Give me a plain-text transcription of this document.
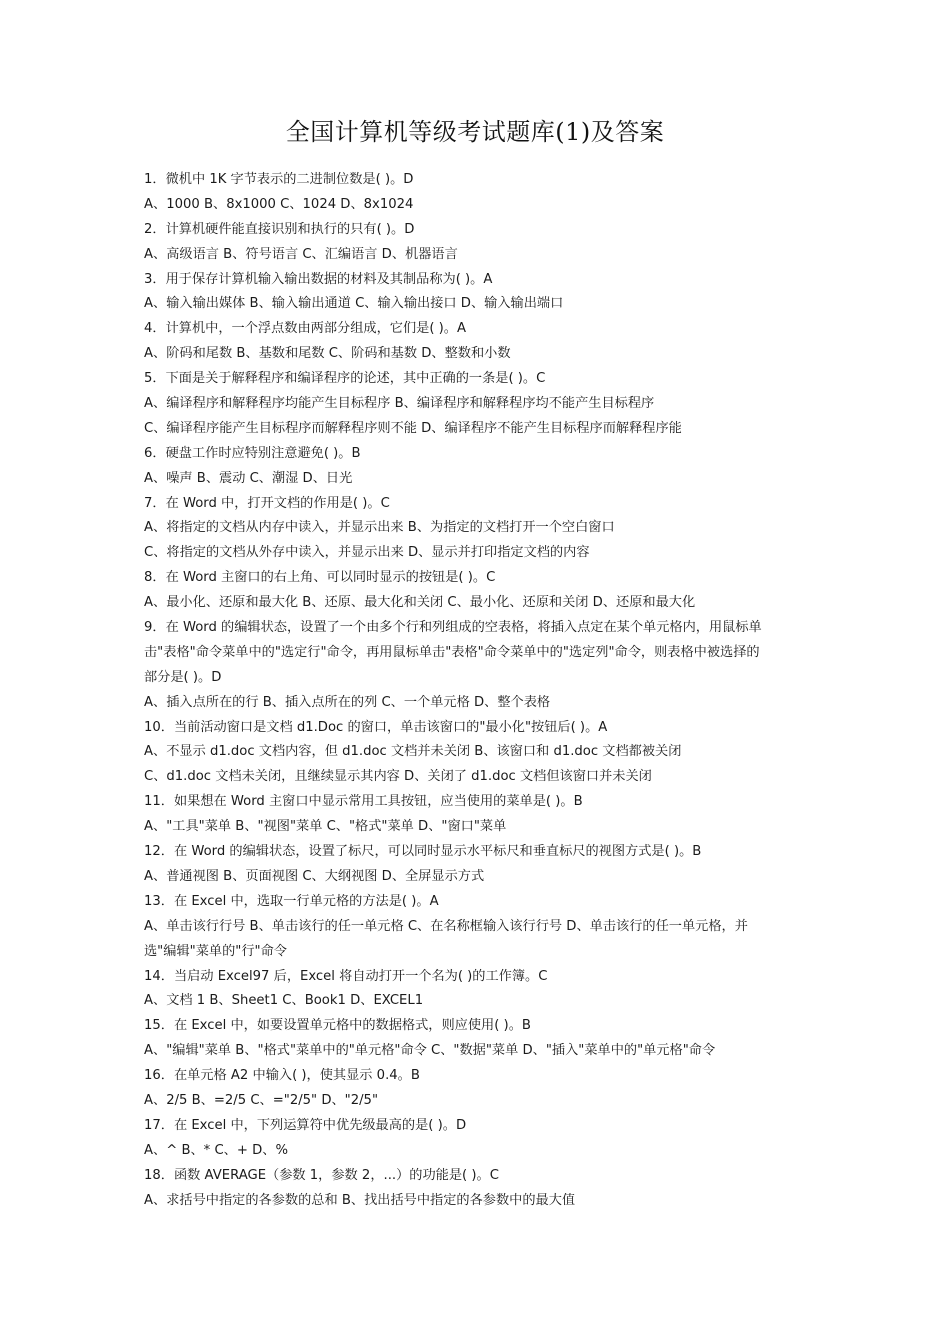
全国计算机等级考试题库(1)及答案
1．微机中 1K 字节表示的二进制位数是( )。D
A、1000 B、8x1000 C、1024 D、8x1024
2．计算机硬件能直接识别和执行的只有( )。D
A、高级语言 B、符号语言 C、汇编语言 D、机器语言
3．用于保存计算机输入输出数据的材料及其制品称为( )。A
A、输入输出媒体 B、输入输出通道 C、输入输出接口 D、输入输出端口
4．计算机中，一个浮点数由两部分组成，它们是( )。A
A、阶码和尾数 B、基数和尾数 C、阶码和基数 D、整数和小数
5．下面是关于解释程序和编译程序的论述，其中正确的一条是( )。C
A、编译程序和解释程序均能产生目标程序 B、编译程序和解释程序均不能产生目标程序
C、编译程序能产生目标程序而解释程序则不能 D、编译程序不能产生目标程序而解释程序能
6．硬盘工作时应特别注意避免( )。B
A、噪声 B、震动 C、潮湿 D、日光
7．在 Word 中，打开文档的作用是( )。C
A、将指定的文档从内存中读入，并显示出来 B、为指定的文档打开一个空白窗口
C、将指定的文档从外存中读入，并显示出来 D、显示并打印指定文档的内容
8．在 Word 主窗口的右上角、可以同时显示的按钮是( )。C
A、最小化、还原和最大化 B、还原、最大化和关闭 C、最小化、还原和关闭 D、还原和最大化
9．在 Word 的编辑状态，设置了一个由多个行和列组成的空表格，将插入点定在某个单元格内，用鼠标单
击"表格"命令菜单中的"选定行"命令，再用鼠标单击"表格"命令菜单中的"选定列"命令，则表格中被选择的
部分是( )。D
A、插入点所在的行 B、插入点所在的列 C、一个单元格 D、整个表格
10．当前活动窗口是文档 d1.Doc 的窗口，单击该窗口的"最小化"按钮后( )。A
A、不显示 d1.doc 文档内容，但 d1.doc 文档并未关闭 B、该窗口和 d1.doc 文档都被关闭
C、d1.doc 文档未关闭，且继续显示其内容 D、关闭了 d1.doc 文档但该窗口并未关闭
11．如果想在 Word 主窗口中显示常用工具按钮，应当使用的菜单是( )。B
A、"工具"菜单 B、"视图"菜单 C、"格式"菜单 D、"窗口"菜单
12．在 Word 的编辑状态，设置了标尺，可以同时显示水平标尺和垂直标尺的视图方式是( )。B
A、普通视图 B、页面视图 C、大纲视图 D、全屏显示方式
13．在 Excel 中，选取一行单元格的方法是( )。A
A、单击该行行号 B、单击该行的任一单元格 C、在名称框输入该行行号 D、单击该行的任一单元格，并
选"编辑"菜单的"行"命令
14．当启动 Excel97 后，Excel 将自动打开一个名为( )的工作簿。C
A、文档 1 B、Sheet1 C、Book1 D、EXCEL1
15．在 Excel 中，如要设置单元格中的数据格式，则应使用( )。B
A、"编辑"菜单 B、"格式"菜单中的"单元格"命令 C、"数据"菜单 D、"插入"菜单中的"单元格"命令
16．在单元格 A2 中输入( )，使其显示 0.4。B
A、2/5 B、=2/5 C、="2/5" D、"2/5"
17．在 Excel 中，下列运算符中优先级最高的是( )。D
A、^ B、* C、+ D、%
18．函数 AVERAGE（参数 1，参数 2，...）的功能是( )。C
A、求括号中指定的各参数的总和 B、找出括号中指定的各参数中的最大值
